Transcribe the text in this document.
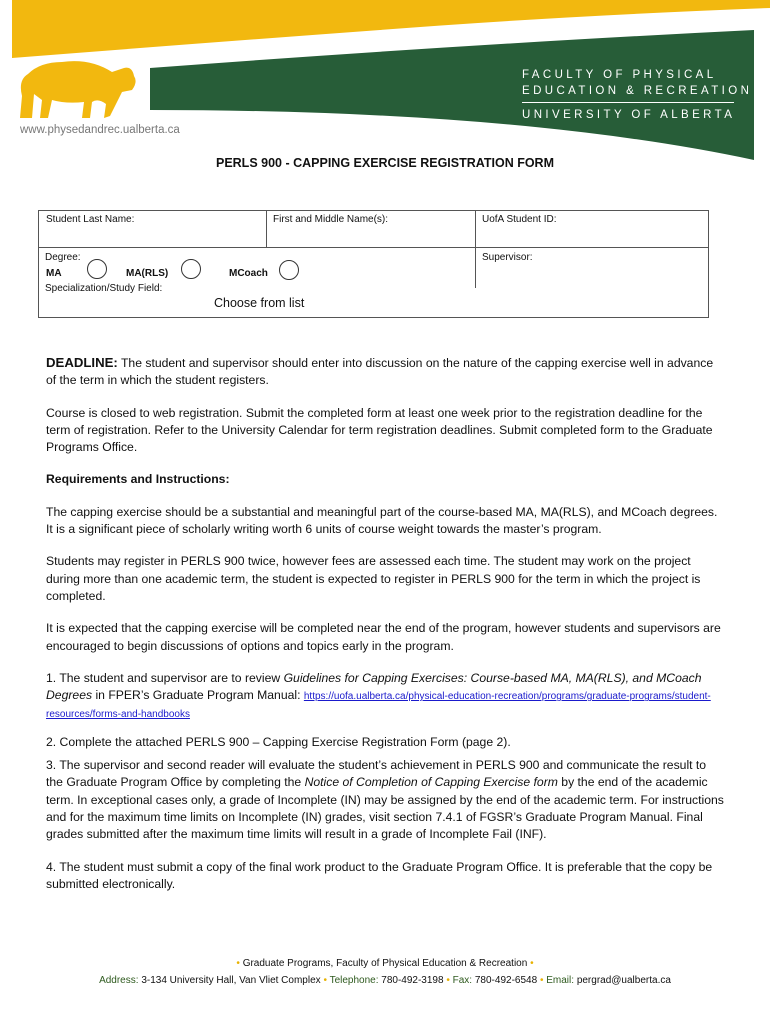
www.physedandrec.ualberta.ca
FACULTY OF PHYSICAL
EDUCATION & RECREATION
UNIVERSITY OF ALBERTA
PERLS 900 - CAPPING EXERCISE REGISTRATION FORM
Student Last Name:	First and Middle Name(s):	UofA Student ID:
Degree:	Supervisor:
MA	MA(RLS)	MCoach
Specialization/Study Field:
Choose from list

DEADLINE: The student and supervisor should enter into discussion on the nature of the capping exercise well in advance of the term in which the student registers.

Course is closed to web registration. Submit the completed form at least one week prior to the registration deadline for the term of registration. Refer to the University Calendar for term registration deadlines. Submit completed form to the Graduate Programs Office.

Requirements and Instructions:

The capping exercise should be a substantial and meaningful part of the course-based MA, MA(RLS), and MCoach degrees. It is a significant piece of scholarly writing worth 6 units of course weight towards the master’s program.

Students may register in PERLS 900 twice, however fees are assessed each time. The student may work on the project during more than one academic term, the student is expected to register in PERLS 900 for the term in which the project is completed.

It is expected that the capping exercise will be completed near the end of the program, however students and supervisors are encouraged to begin discussions of options and topics early in the program.

1. The student and supervisor are to review Guidelines for Capping Exercises: Course-based MA, MA(RLS), and MCoach Degrees in FPER’s Graduate Program Manual: https://uofa.ualberta.ca/physical-education-recreation/programs/graduate-programs/student-resources/forms-and-handbooks

2. Complete the attached PERLS 900 – Capping Exercise Registration Form (page 2).

3. The supervisor and second reader will evaluate the student’s achievement in PERLS 900 and communicate the result to the Graduate Program Office by completing the Notice of Completion of Capping Exercise form by the end of the academic term. In exceptional cases only, a grade of Incomplete (IN) may be assigned by the end of the academic term. For instructions and for the maximum time limits on Incomplete (IN) grades, visit section 7.4.1 of FGSR’s Graduate Program Manual. Final grades submitted after the maximum time limits will result in a grade of Incomplete Fail (INF).

4. The student must submit a copy of the final work product to the Graduate Program Office. It is preferable that the copy be submitted electronically.

• Graduate Programs, Faculty of Physical Education & Recreation •
Address: 3-134 University Hall, Van Vliet Complex • Telephone: 780-492-3198 • Fax: 780-492-6548 • Email: pergrad@ualberta.ca
